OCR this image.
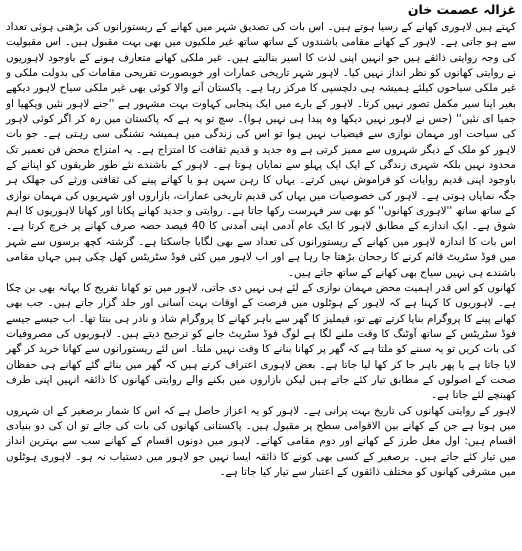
غزالہ عصمت خان

کہتے ہیں لاہوری کھانے کے رسیا ہوتے ہیں۔ اس بات کی تصدیق شہر میں کھانے کے ریستورانوں کی بڑھتی ہوئی تعداد سے ہو جاتی ہے۔ لاہور کے کھانے مقامی باشندوں کے ساتھ ساتھ غیر ملکیوں میں بھی بہت مقبول ہیں۔ اس مقبولیت کی وجہ روایتی ذائقے ہیں جو انہیں اپنی لذت کا اسیر بنالیتے ہیں۔ غیر ملکی کھانے متعارف ہونے کے باوجود لاہوریوں نے روایتی کھانوں کو نظر انداز نہیں کیا۔ لاہور شہر تاریخی عمارات اور خوبصورت تفریحی مقامات کی بدولت ملکی و غیر ملکی سیاحوں کیلئے ہمیشہ ہی دلچسپی کا مرکز رہا ہے۔ پاکستان آنے والا کوئی بھی غیر ملکی سیاح لاہور دیکھے بغیر اپنا سیر مکمل تصور نہیں کرتا۔ لاہور کے بارے میں ایک پنجابی کہاوت بہت مشہور ہے ''جنے لاہور نئیں ویکھیا او جمیا ای نئیں'' (جس نے لاہور نہیں دیکھا وہ پیدا ہی نہیں ہوا)۔ سچ تو یہ ہے کہ پاکستان میں رہ کر اگر کوئی لاہور کی سیاحت اور مہمان نوازی سے فیضیاب نہیں ہوا تو اس کی زندگی میں ہمیشہ تشنگی سی رہتی ہے۔ جو بات لاہور کو ملک کے دیگر شہروں سے ممیز کرتی ہے وہ جدید و قدیم ثقافت کا امتزاج ہے۔ یہ امتزاج محض فن تعمیر تک محدود نہیں بلکہ شہری زندگی کے ایک ایک پہلو سے نمایاں ہوتا ہے۔ لاہور کے باشندے نئے طور طریقوں کو اپنانے کے باوجود اپنی قدیم روایات کو فراموش نہیں کرتے۔ یہاں کا رہن سہن ہو یا کھانے پینے کی ثقافتی ورثے کی جھلک ہر جگہ نمایاں ہوتی ہے۔ لاہور کی خصوصیات میں یہاں کی قدیم تاریخی عمارات، بازاروں اور شہریوں کی مہمان نوازی کے ساتھ ساتھ ''لاہوری کھانوں'' کو بھی سر فہرست رکھا جاتا ہے۔ روایتی و جدید کھانے پکانا اور کھانا لاہوریوں کا اہم شوق ہے۔ ایک اندازے کے مطابق لاہور کا ایک عام آدمی اپنی آمدنی کا 40 فیصد حصہ صرف کھانے پر خرچ کرتا ہے۔ اس بات کا اندازہ لاہور میں کھانے کے ریستورانوں کی تعداد سے بھی لگایا جاسکتا ہے۔ گزشتہ کچھ برسوں سے شہر میں فوڈ سٹریٹ قائم کرنے کا رجحان بڑھتا جا رہا ہے اور اب لاہور میں کئی فوڈ سٹریٹس کھل چکی ہیں جہاں مقامی باشندے ہی نہیں سیاح بھی کھانے کے ساتھ جاتے ہیں۔

کھانوں کو اس قدر اہمیت محض مہمان نوازی کے لئے ہی نہیں دی جاتی، لاہور میں تو کھانا تفریح کا بہانہ بھی بن چکا ہے۔ لاہوریوں کا کہنا ہے کہ لاہور کے ہوٹلوں میں فرصت کے اوقات بہت آسانی اور جلد گزار جاتے ہیں۔ جب بھی کھانے پینے کا پروگرام بنایا کرتے تھے تو، فیملیز کا گھر سے باہر کھانے کا پروگرام شاذ و نادر ہی بنتا تھا۔ اب جیسے جیسے فوڈ سٹریٹس کے ساتھ آوٹنگ کا وقت ملنے لگا ہے لوگ فوڈ سٹریٹ جانے کو ترجیح دیتے ہیں۔ لاہوریوں کی مصروفیات کی بات کریں تو یہ سننے کو ملتا ہے کہ گھر پر کھانا بنانے کا وقت نہیں ملتا۔ اس لئے ریستورانوں سے کھانا خرید کر گھر لایا جاتا ہے یا پھر باہر جا کر کھا لیا جاتا ہے۔ بعض لاہوری اعتراف کرتے ہیں کہ گھر میں بنائے گئے کھانے ہی حفظان صحت کے اصولوں کے مطابق تیار کئے جاتے ہیں لیکن بازاروں میں بکنے والے روایتی کھانوں کا ذائقہ انہیں اپنی طرف کھینچے لئے جاتا ہے۔

لاہور کے روایتی کھانوں کی تاریخ بہت پرانی ہے۔ لاہور کو یہ اعزاز حاصل ہے کہ اس کا شمار برصغیر کے ان شہروں میں ہوتا ہے جن کے کھانے بین الاقوامی سطح پر مقبول ہیں۔ پاکستانی کھانوں کی بات کی جائے تو ان کی دو بنیادی اقسام ہیں: اول مغل طرز کے کھانے اور دوم مقامی کھانے۔ لاہور میں دونوں اقسام کے کھانے سب سے بہترین انداز میں تیار کئے جاتے ہیں۔ برصغیر کے کسی بھی کونے کا ذائقہ ایسا نہیں جو لاہور میں دستیاب نہ ہو۔ لاہوری ہوٹلوں میں مشرقی کھانوں کو مختلف ذائقوں کے اعتبار سے تیار کیا جاتا ہے۔
